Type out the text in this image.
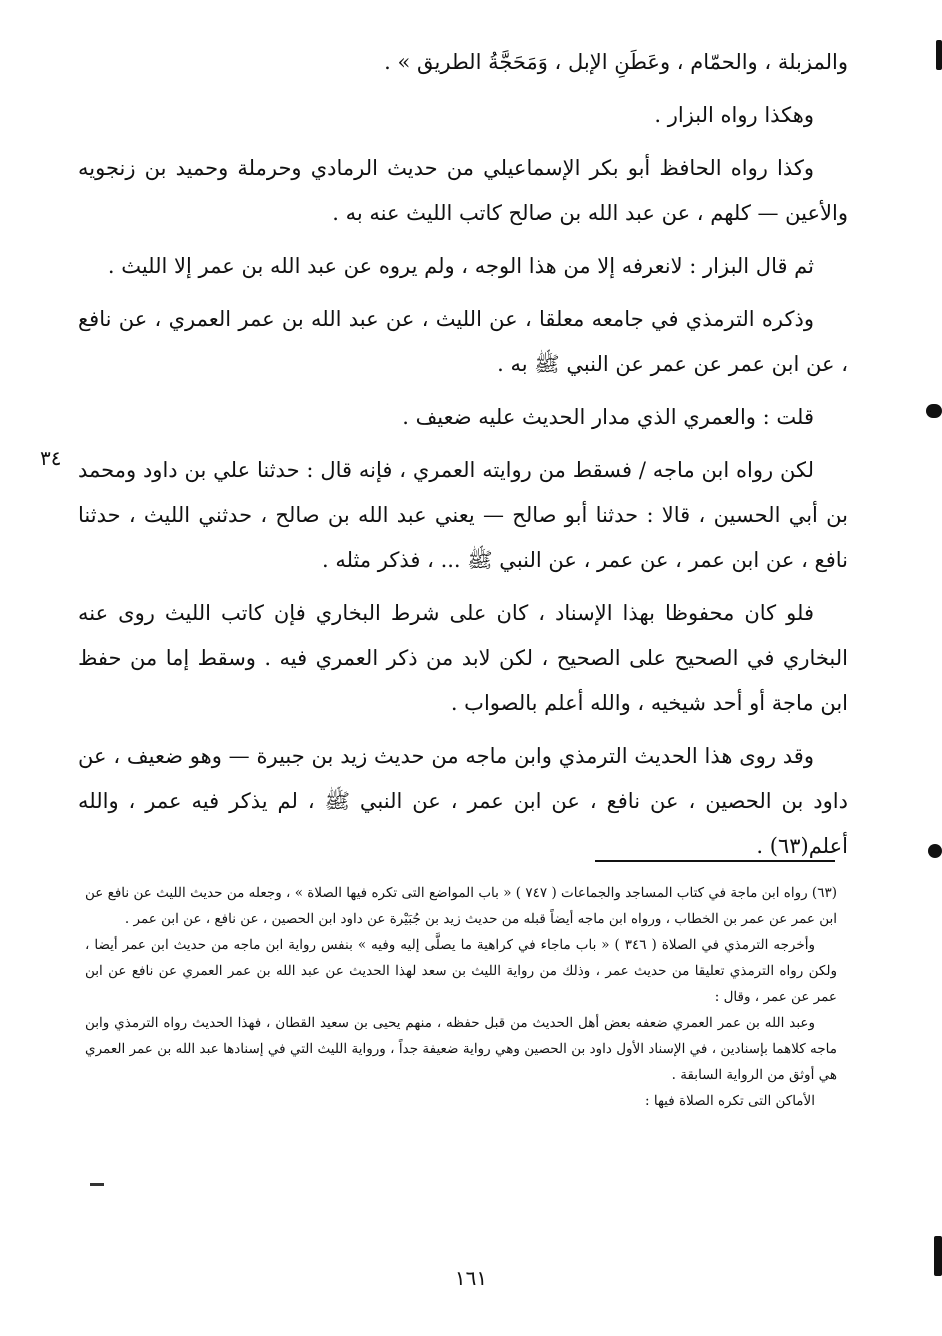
والمزبلة ، والحمّام ، وعَطَنِ الإبل ، وَمَحَجَّةُ الطريق » .

وهكذا رواه البزار .

وكذا رواه الحافظ أبو بكر الإسماعيلي من حديث الرمادي وحرملة وحميد بن زنجويه والأعين — كلهم ، عن عبد الله بن صالح كاتب الليث عنه به .

ثم قال البزار : لانعرفه إلا من هذا الوجه ، ولم يروه عن عبد الله بن عمر إلا الليث .

وذكره الترمذي في جامعه معلقا ، عن الليث ، عن عبد الله بن عمر العمري ، عن نافع ، عن ابن عمر عن عمر عن النبي ﷺ به .

قلت : والعمري الذي مدار الحديث عليه ضعيف .

لكن رواه ابن ماجه / فسقط من روايته العمري ، فإنه قال : حدثنا علي بن داود ومحمد بن أبي الحسين ، قالا : حدثنا أبو صالح — يعني عبد الله بن صالح ، حدثني الليث ، حدثنا نافع ، عن ابن عمر ، عن عمر ، عن النبي ﷺ ... ، فذكر مثله .

فلو كان محفوظا بهذا الإسناد ، كان على شرط البخاري فإن كاتب الليث روى عنه البخاري في الصحيح على الصحيح ، لكن لابد من ذكر العمري فيه . وسقط إما من حفظ ابن ماجة أو أحد شيخيه ، والله أعلم بالصواب .

وقد روى هذا الحديث الترمذي وابن ماجه من حديث زيد بن جبيرة — وهو ضعيف ، عن داود بن الحصين ، عن نافع ، عن ابن عمر ، عن النبي ﷺ ، لم يذكر فيه عمر ، والله أعلم(٦٣) .

٣٤

(٦٣) رواه ابن ماجة في كتاب المساجد والجماعات ( ٧٤٧ ) « باب المواضع التى تكره فيها الصلاة » ، وجعله من حديث الليث عن نافع عن ابن عمر عن عمر بن الخطاب ، ورواه ابن ماجه أيضاً قبله من حديث زيد بن جُبَيْرة عن داود ابن الحصين ، عن نافع ، عن ابن عمر .

وأخرجه الترمذي في الصلاة ( ٣٤٦ ) « باب ماجاء في كراهية ما يصلَّى إليه وفيه » بنفس رواية ابن ماجه من حديث ابن عمر أيضا ، ولكن رواه الترمذي تعليقا من حديث عمر ، وذلك من رواية الليث بن سعد لهذا الحديث عن عبد الله بن عمر العمري عن نافع عن ابن عمر عن عمر ، وقال :

وعبد الله بن عمر العمري ضعفه بعض أهل الحديث من قبل حفظه ، منهم يحيى بن سعيد القطان ، فهذا الحديث رواه الترمذي وابن ماجه كلاهما بإسنادين ، في الإسناد الأول داود بن الحصين وهي رواية ضعيفة جداً ، ورواية الليث التي في إسنادها عبد الله بن عمر العمري هي أوثق من الرواية السابقة .

الأماكن التى تكره الصلاة فيها :

١٦١
